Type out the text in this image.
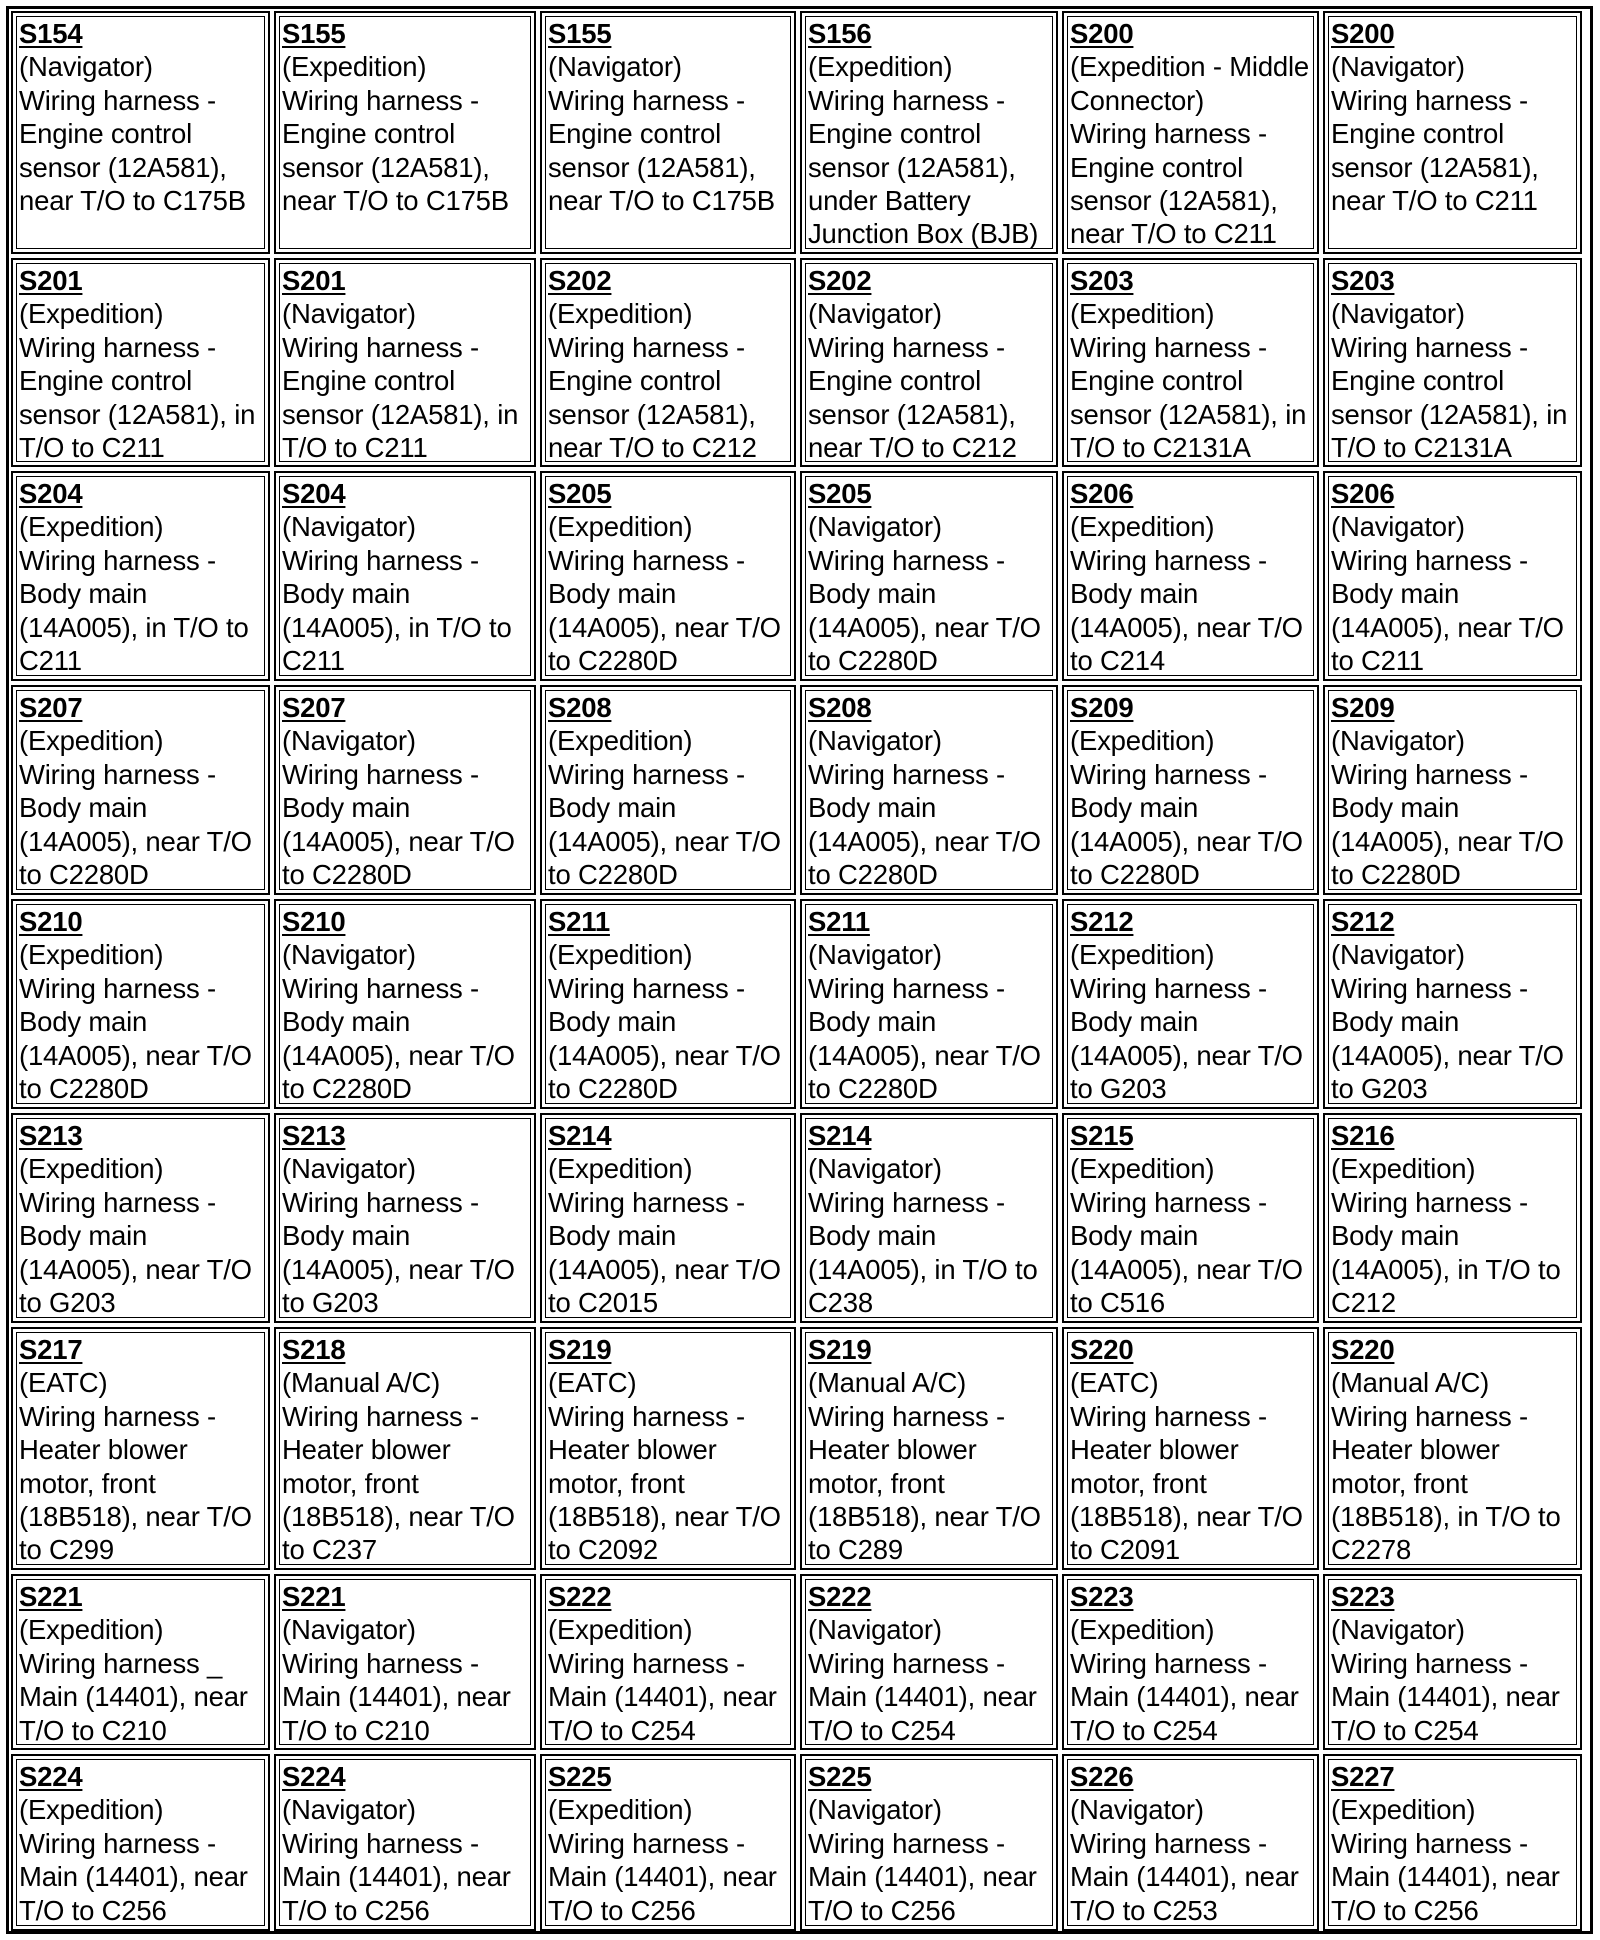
S154
(Navigator)
Wiring harness - Engine control sensor (12A581), near T/O to C175B
S155
(Expedition)
Wiring harness - Engine control sensor (12A581), near T/O to C175B
S155
(Navigator)
Wiring harness - Engine control sensor (12A581), near T/O to C175B
S156
(Expedition)
Wiring harness - Engine control sensor (12A581), under Battery Junction Box (BJB)
S200
(Expedition - Middle Connector)
Wiring harness - Engine control sensor (12A581), near T/O to C211
S200
(Navigator)
Wiring harness - Engine control sensor (12A581), near T/O to C211
S201
(Expedition)
Wiring harness - Engine control sensor (12A581), in T/O to C211
S201
(Navigator)
Wiring harness - Engine control sensor (12A581), in T/O to C211
S202
(Expedition)
Wiring harness - Engine control sensor (12A581), near T/O to C212
S202
(Navigator)
Wiring harness - Engine control sensor (12A581), near T/O to C212
S203
(Expedition)
Wiring harness - Engine control sensor (12A581), in T/O to C2131A
S203
(Navigator)
Wiring harness - Engine control sensor (12A581), in T/O to C2131A
S204
(Expedition)
Wiring harness - Body main (14A005), in T/O to C211
S204
(Navigator)
Wiring harness - Body main (14A005), in T/O to C211
S205
(Expedition)
Wiring harness - Body main (14A005), near T/O to C2280D
S205
(Navigator)
Wiring harness - Body main (14A005), near T/O to C2280D
S206
(Expedition)
Wiring harness - Body main (14A005), near T/O to C214
S206
(Navigator)
Wiring harness - Body main (14A005), near T/O to C211
S207
(Expedition)
Wiring harness - Body main (14A005), near T/O to C2280D
S207
(Navigator)
Wiring harness - Body main (14A005), near T/O to C2280D
S208
(Expedition)
Wiring harness - Body main (14A005), near T/O to C2280D
S208
(Navigator)
Wiring harness - Body main (14A005), near T/O to C2280D
S209
(Expedition)
Wiring harness - Body main (14A005), near T/O to C2280D
S209
(Navigator)
Wiring harness - Body main (14A005), near T/O to C2280D
S210
(Expedition)
Wiring harness - Body main (14A005), near T/O to C2280D
S210
(Navigator)
Wiring harness - Body main (14A005), near T/O to C2280D
S211
(Expedition)
Wiring harness - Body main (14A005), near T/O to C2280D
S211
(Navigator)
Wiring harness - Body main (14A005), near T/O to C2280D
S212
(Expedition)
Wiring harness - Body main (14A005), near T/O to G203
S212
(Navigator)
Wiring harness - Body main (14A005), near T/O to G203
S213
(Expedition)
Wiring harness - Body main (14A005), near T/O to G203
S213
(Navigator)
Wiring harness - Body main (14A005), near T/O to G203
S214
(Expedition)
Wiring harness - Body main (14A005), near T/O to C2015
S214
(Navigator)
Wiring harness - Body main (14A005), in T/O to C238
S215
(Expedition)
Wiring harness - Body main (14A005), near T/O to C516
S216
(Expedition)
Wiring harness - Body main (14A005), in T/O to C212
S217
(EATC)
Wiring harness - Heater blower motor, front (18B518), near T/O to C299
S218
(Manual A/C)
Wiring harness - Heater blower motor, front (18B518), near T/O to C237
S219
(EATC)
Wiring harness - Heater blower motor, front (18B518), near T/O to C2092
S219
(Manual A/C)
Wiring harness - Heater blower motor, front (18B518), near T/O to C289
S220
(EATC)
Wiring harness - Heater blower motor, front (18B518), near T/O to C2091
S220
(Manual A/C)
Wiring harness - Heater blower motor, front (18B518), in T/O to C2278
S221
(Expedition)
Wiring harness _ Main (14401), near T/O to C210
S221
(Navigator)
Wiring harness - Main (14401), near T/O to C210
S222
(Expedition)
Wiring harness - Main (14401), near T/O to C254
S222
(Navigator)
Wiring harness - Main (14401), near T/O to C254
S223
(Expedition)
Wiring harness - Main (14401), near T/O to C254
S223
(Navigator)
Wiring harness - Main (14401), near T/O to C254
S224
(Expedition)
Wiring harness - Main (14401), near T/O to C256
S224
(Navigator)
Wiring harness - Main (14401), near T/O to C256
S225
(Expedition)
Wiring harness - Main (14401), near T/O to C256
S225
(Navigator)
Wiring harness - Main (14401), near T/O to C256
S226
(Navigator)
Wiring harness - Main (14401), near T/O to C253
S227
(Expedition)
Wiring harness - Main (14401), near T/O to C256
